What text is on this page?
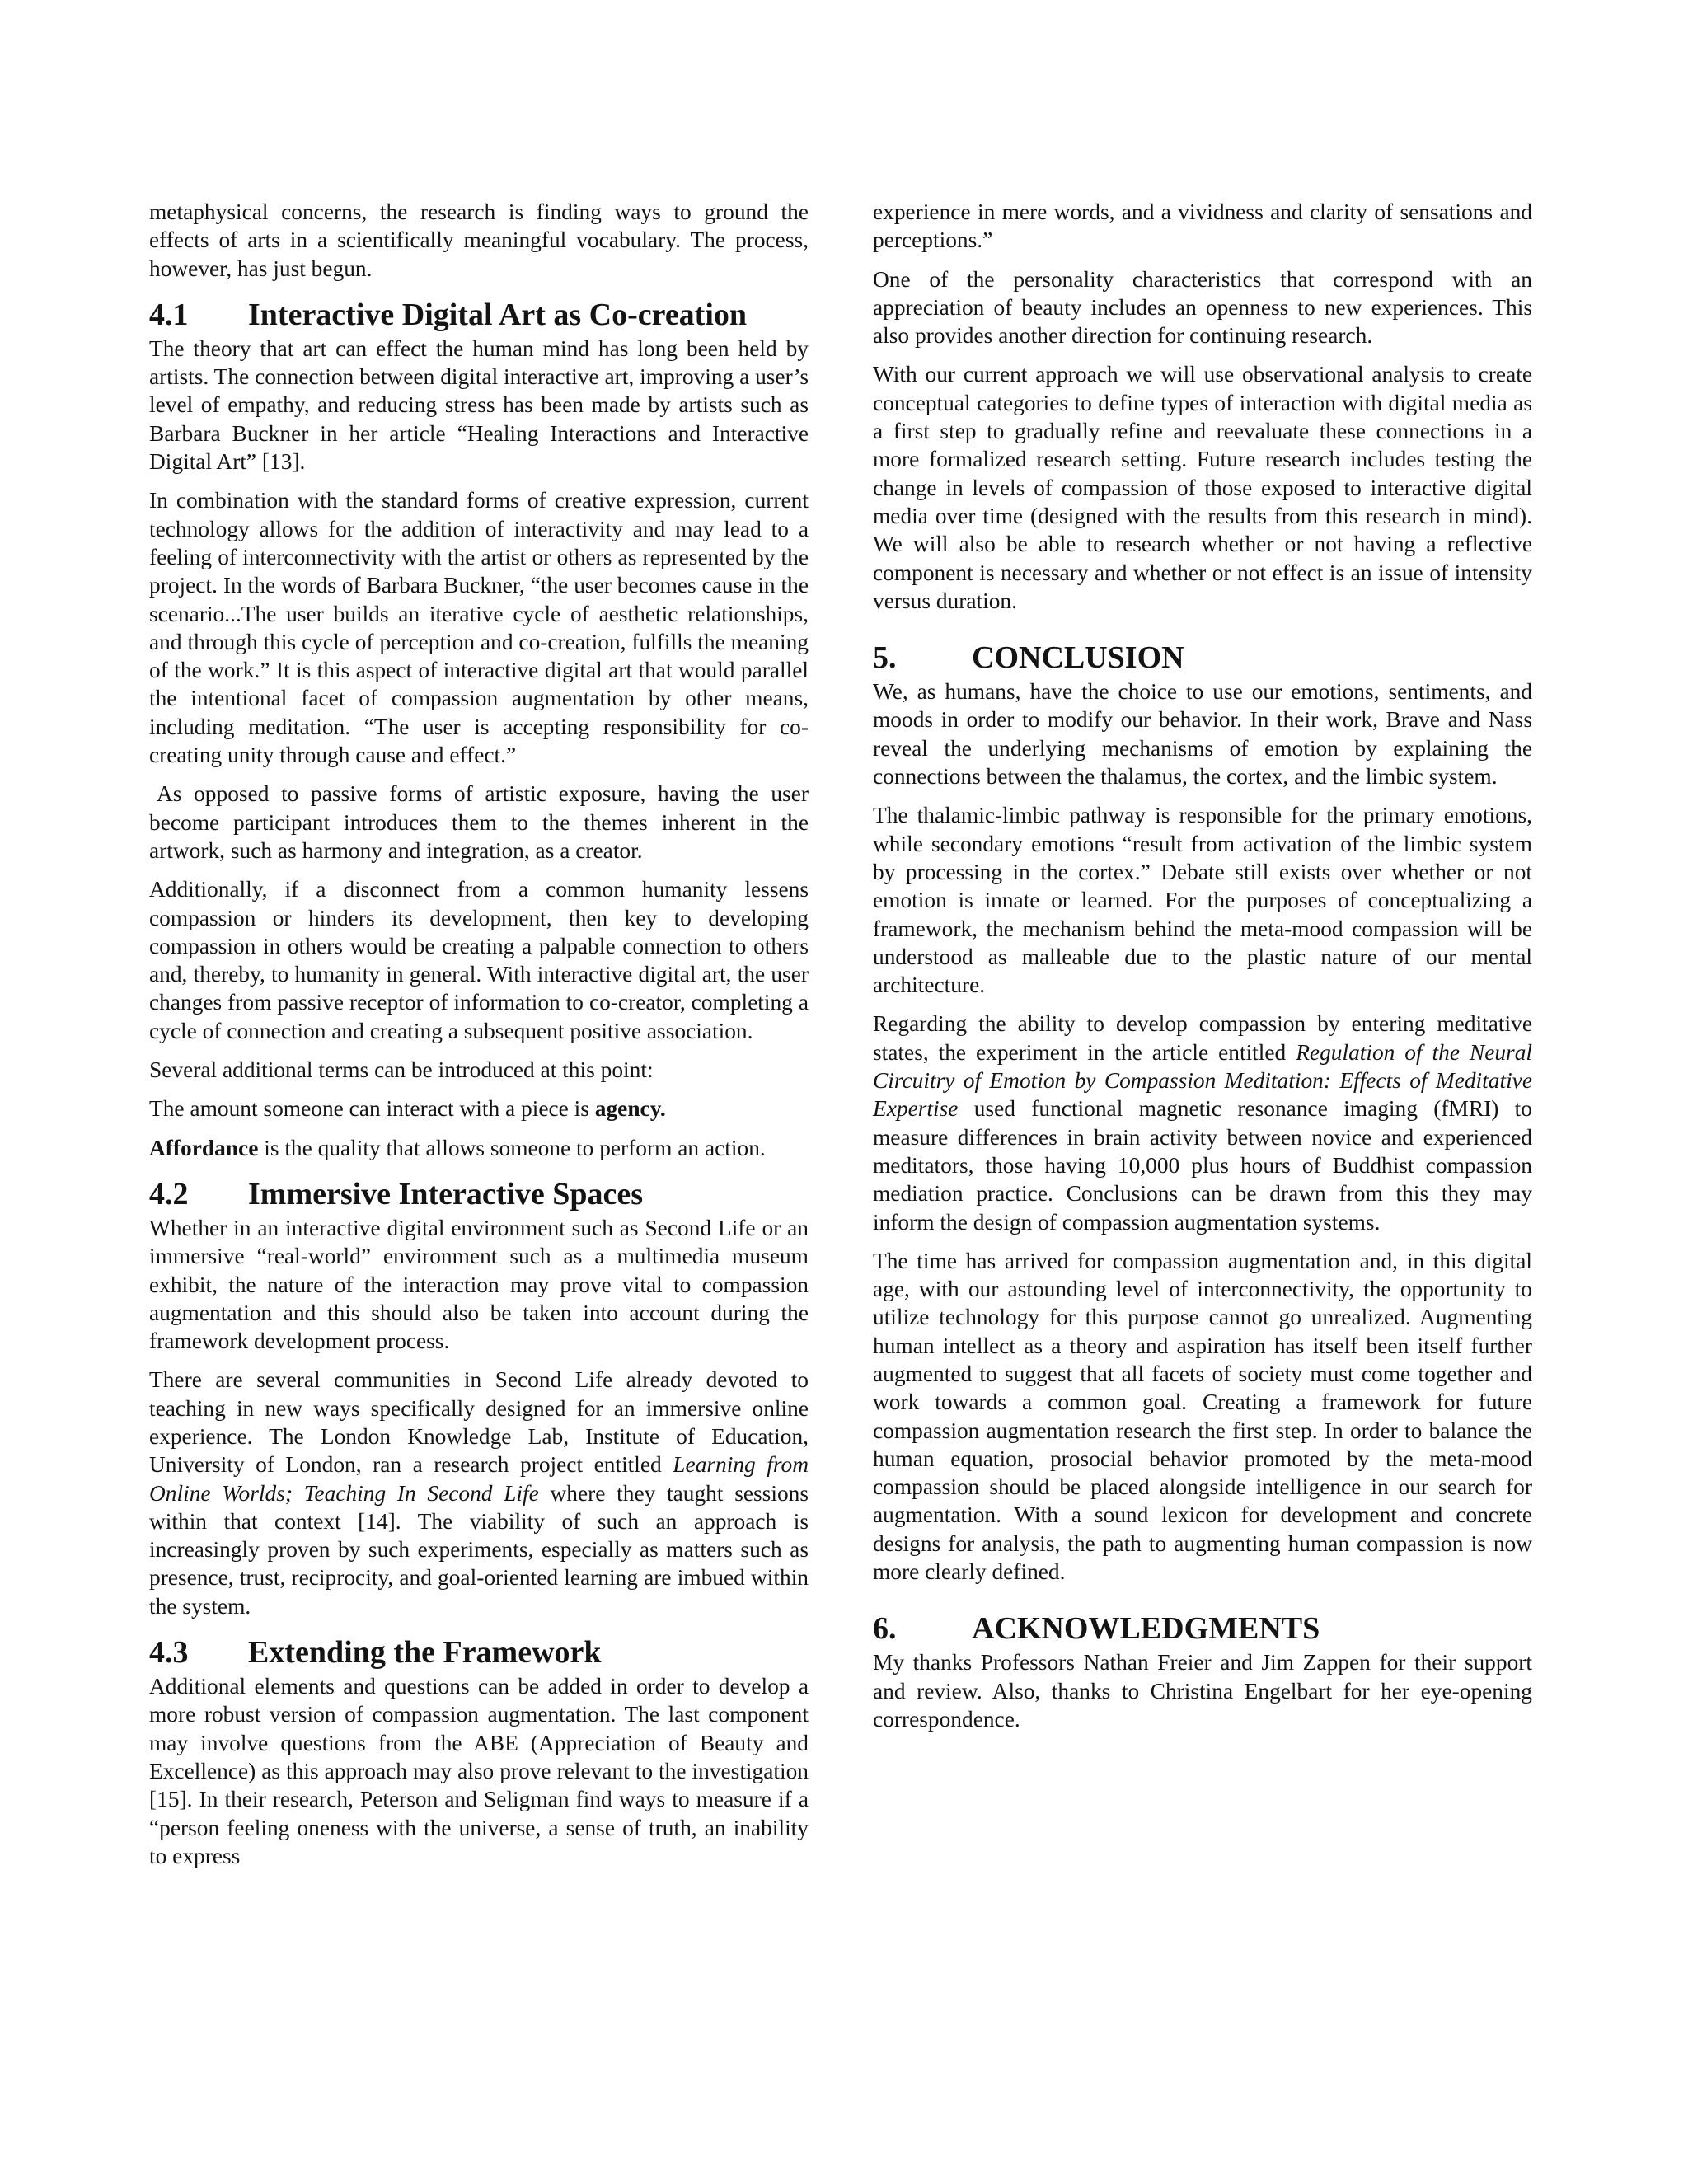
metaphysical concerns, the research is finding ways to ground the effects of arts in a scientifically meaningful vocabulary. The process, however, has just begun.

4.1 Interactive Digital Art as Co-creation

The theory that art can effect the human mind has long been held by artists. The connection between digital interactive art, improving a user’s level of empathy, and reducing stress has been made by artists such as Barbara Buckner in her article “Healing Interactions and Interactive Digital Art” [13].

In combination with the standard forms of creative expression, current technology allows for the addition of interactivity and may lead to a feeling of interconnectivity with the artist or others as represented by the project. In the words of Barbara Buckner, “the user becomes cause in the scenario...The user builds an iterative cycle of aesthetic relationships, and through this cycle of perception and co-creation, fulfills the meaning of the work.” It is this aspect of interactive digital art that would parallel the intentional facet of compassion augmentation by other means, including meditation. “The user is accepting responsibility for co-creating unity through cause and effect.”

As opposed to passive forms of artistic exposure, having the user become participant introduces them to the themes inherent in the artwork, such as harmony and integration, as a creator.

Additionally, if a disconnect from a common humanity lessens compassion or hinders its development, then key to developing compassion in others would be creating a palpable connection to others and, thereby, to humanity in general. With interactive digital art, the user changes from passive receptor of information to co-creator, completing a cycle of connection and creating a subsequent positive association.

Several additional terms can be introduced at this point:

The amount someone can interact with a piece is agency.

Affordance is the quality that allows someone to perform an action.

4.2 Immersive Interactive Spaces

Whether in an interactive digital environment such as Second Life or an immersive “real-world” environment such as a multimedia museum exhibit, the nature of the interaction may prove vital to compassion augmentation and this should also be taken into account during the framework development process.

There are several communities in Second Life already devoted to teaching in new ways specifically designed for an immersive online experience. The London Knowledge Lab, Institute of Education, University of London, ran a research project entitled Learning from Online Worlds; Teaching In Second Life where they taught sessions within that context [14]. The viability of such an approach is increasingly proven by such experiments, especially as matters such as presence, trust, reciprocity, and goal-oriented learning are imbued within the system.

4.3 Extending the Framework

Additional elements and questions can be added in order to develop a more robust version of compassion augmentation. The last component may involve questions from the ABE (Appreciation of Beauty and Excellence) as this approach may also prove relevant to the investigation [15]. In their research, Peterson and Seligman find ways to measure if a “person feeling oneness with the universe, a sense of truth, an inability to express

experience in mere words, and a vividness and clarity of sensations and perceptions.”

One of the personality characteristics that correspond with an appreciation of beauty includes an openness to new experiences. This also provides another direction for continuing research.

With our current approach we will use observational analysis to create conceptual categories to define types of interaction with digital media as a first step to gradually refine and reevaluate these connections in a more formalized research setting. Future research includes testing the change in levels of compassion of those exposed to interactive digital media over time (designed with the results from this research in mind). We will also be able to research whether or not having a reflective component is necessary and whether or not effect is an issue of intensity versus duration.

5. CONCLUSION

We, as humans, have the choice to use our emotions, sentiments, and moods in order to modify our behavior. In their work, Brave and Nass reveal the underlying mechanisms of emotion by explaining the connections between the thalamus, the cortex, and the limbic system.

The thalamic-limbic pathway is responsible for the primary emotions, while secondary emotions “result from activation of the limbic system by processing in the cortex.” Debate still exists over whether or not emotion is innate or learned. For the purposes of conceptualizing a framework, the mechanism behind the meta-mood compassion will be understood as malleable due to the plastic nature of our mental architecture.

Regarding the ability to develop compassion by entering meditative states, the experiment in the article entitled Regulation of the Neural Circuitry of Emotion by Compassion Meditation: Effects of Meditative Expertise used functional magnetic resonance imaging (fMRI) to measure differences in brain activity between novice and experienced meditators, those having 10,000 plus hours of Buddhist compassion mediation practice. Conclusions can be drawn from this they may inform the design of compassion augmentation systems.

The time has arrived for compassion augmentation and, in this digital age, with our astounding level of interconnectivity, the opportunity to utilize technology for this purpose cannot go unrealized. Augmenting human intellect as a theory and aspiration has itself been itself further augmented to suggest that all facets of society must come together and work towards a common goal. Creating a framework for future compassion augmentation research the first step. In order to balance the human equation, prosocial behavior promoted by the meta-mood compassion should be placed alongside intelligence in our search for augmentation. With a sound lexicon for development and concrete designs for analysis, the path to augmenting human compassion is now more clearly defined.

6. ACKNOWLEDGMENTS

My thanks Professors Nathan Freier and Jim Zappen for their support and review. Also, thanks to Christina Engelbart for her eye-opening correspondence.
